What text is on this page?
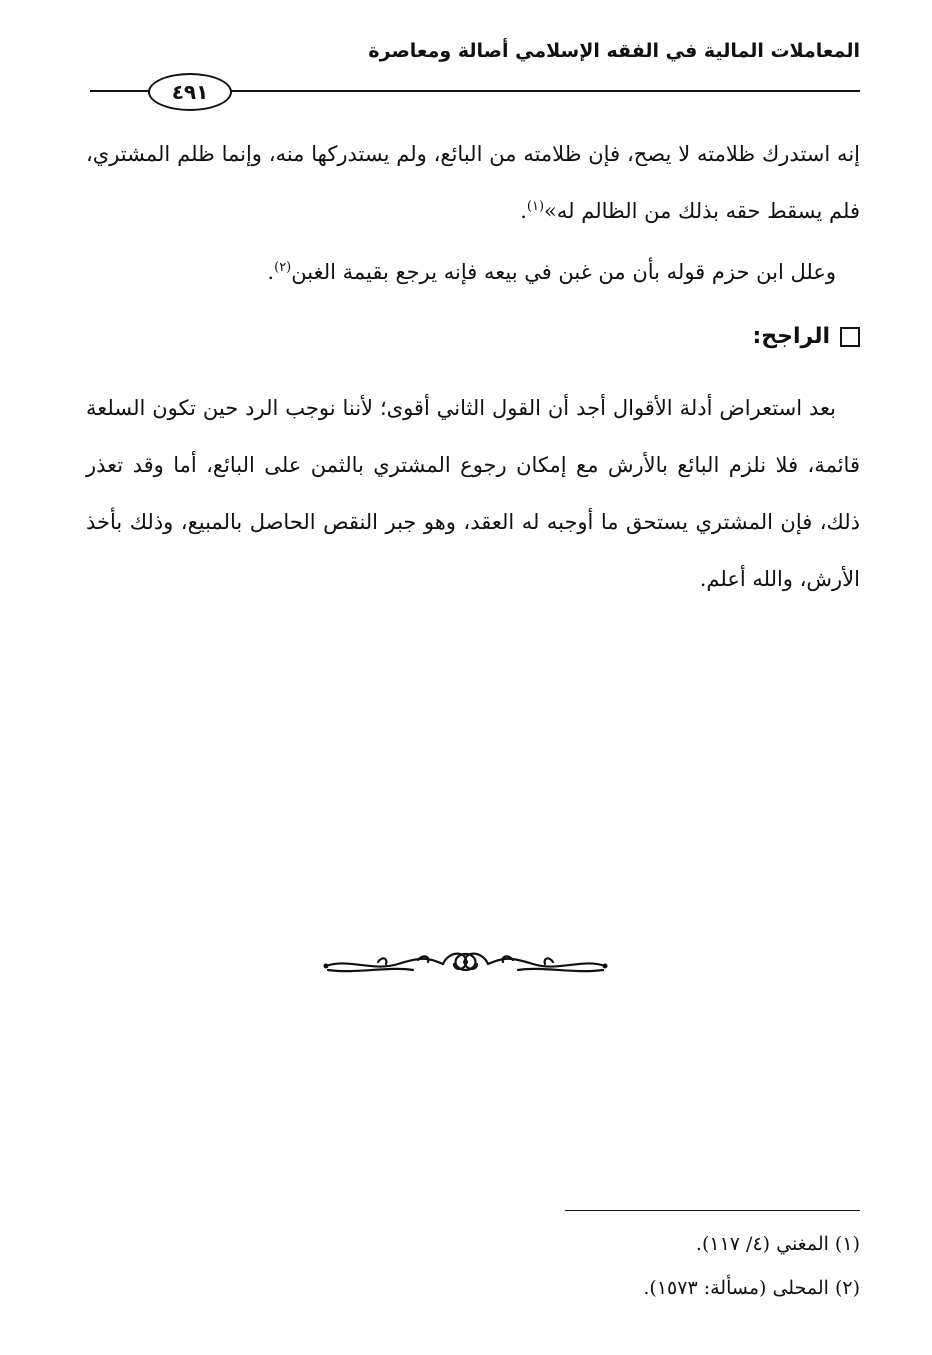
المعاملات المالية في الفقه الإسلامي أصالة ومعاصرة
٤٩١
إنه استدرك ظلامته لا يصح، فإن ظلامته من البائع، ولم يستدركها منه، وإنما ظلم المشتري، فلم يسقط حقه بذلك من الظالم له»$^{(١)}$.
وعلل ابن حزم قوله بأن من غبن في بيعه فإنه يرجع بقيمة الغبن$^{(٢)}$.
الراجح:
بعد استعراض أدلة الأقوال أجد أن القول الثاني أقوى؛ لأننا نوجب الرد حين تكون السلعة قائمة، فلا نلزم البائع بالأرش مع إمكان رجوع المشتري بالثمن على البائع، أما وقد تعذر ذلك، فإن المشتري يستحق ما أوجبه له العقد، وهو جبر النقص الحاصل بالمبيع، وذلك بأخذ الأرش، والله أعلم.
(١) المغني (٤/ ١١٧).
(٢) المحلى (مسألة: ١٥٧٣).
